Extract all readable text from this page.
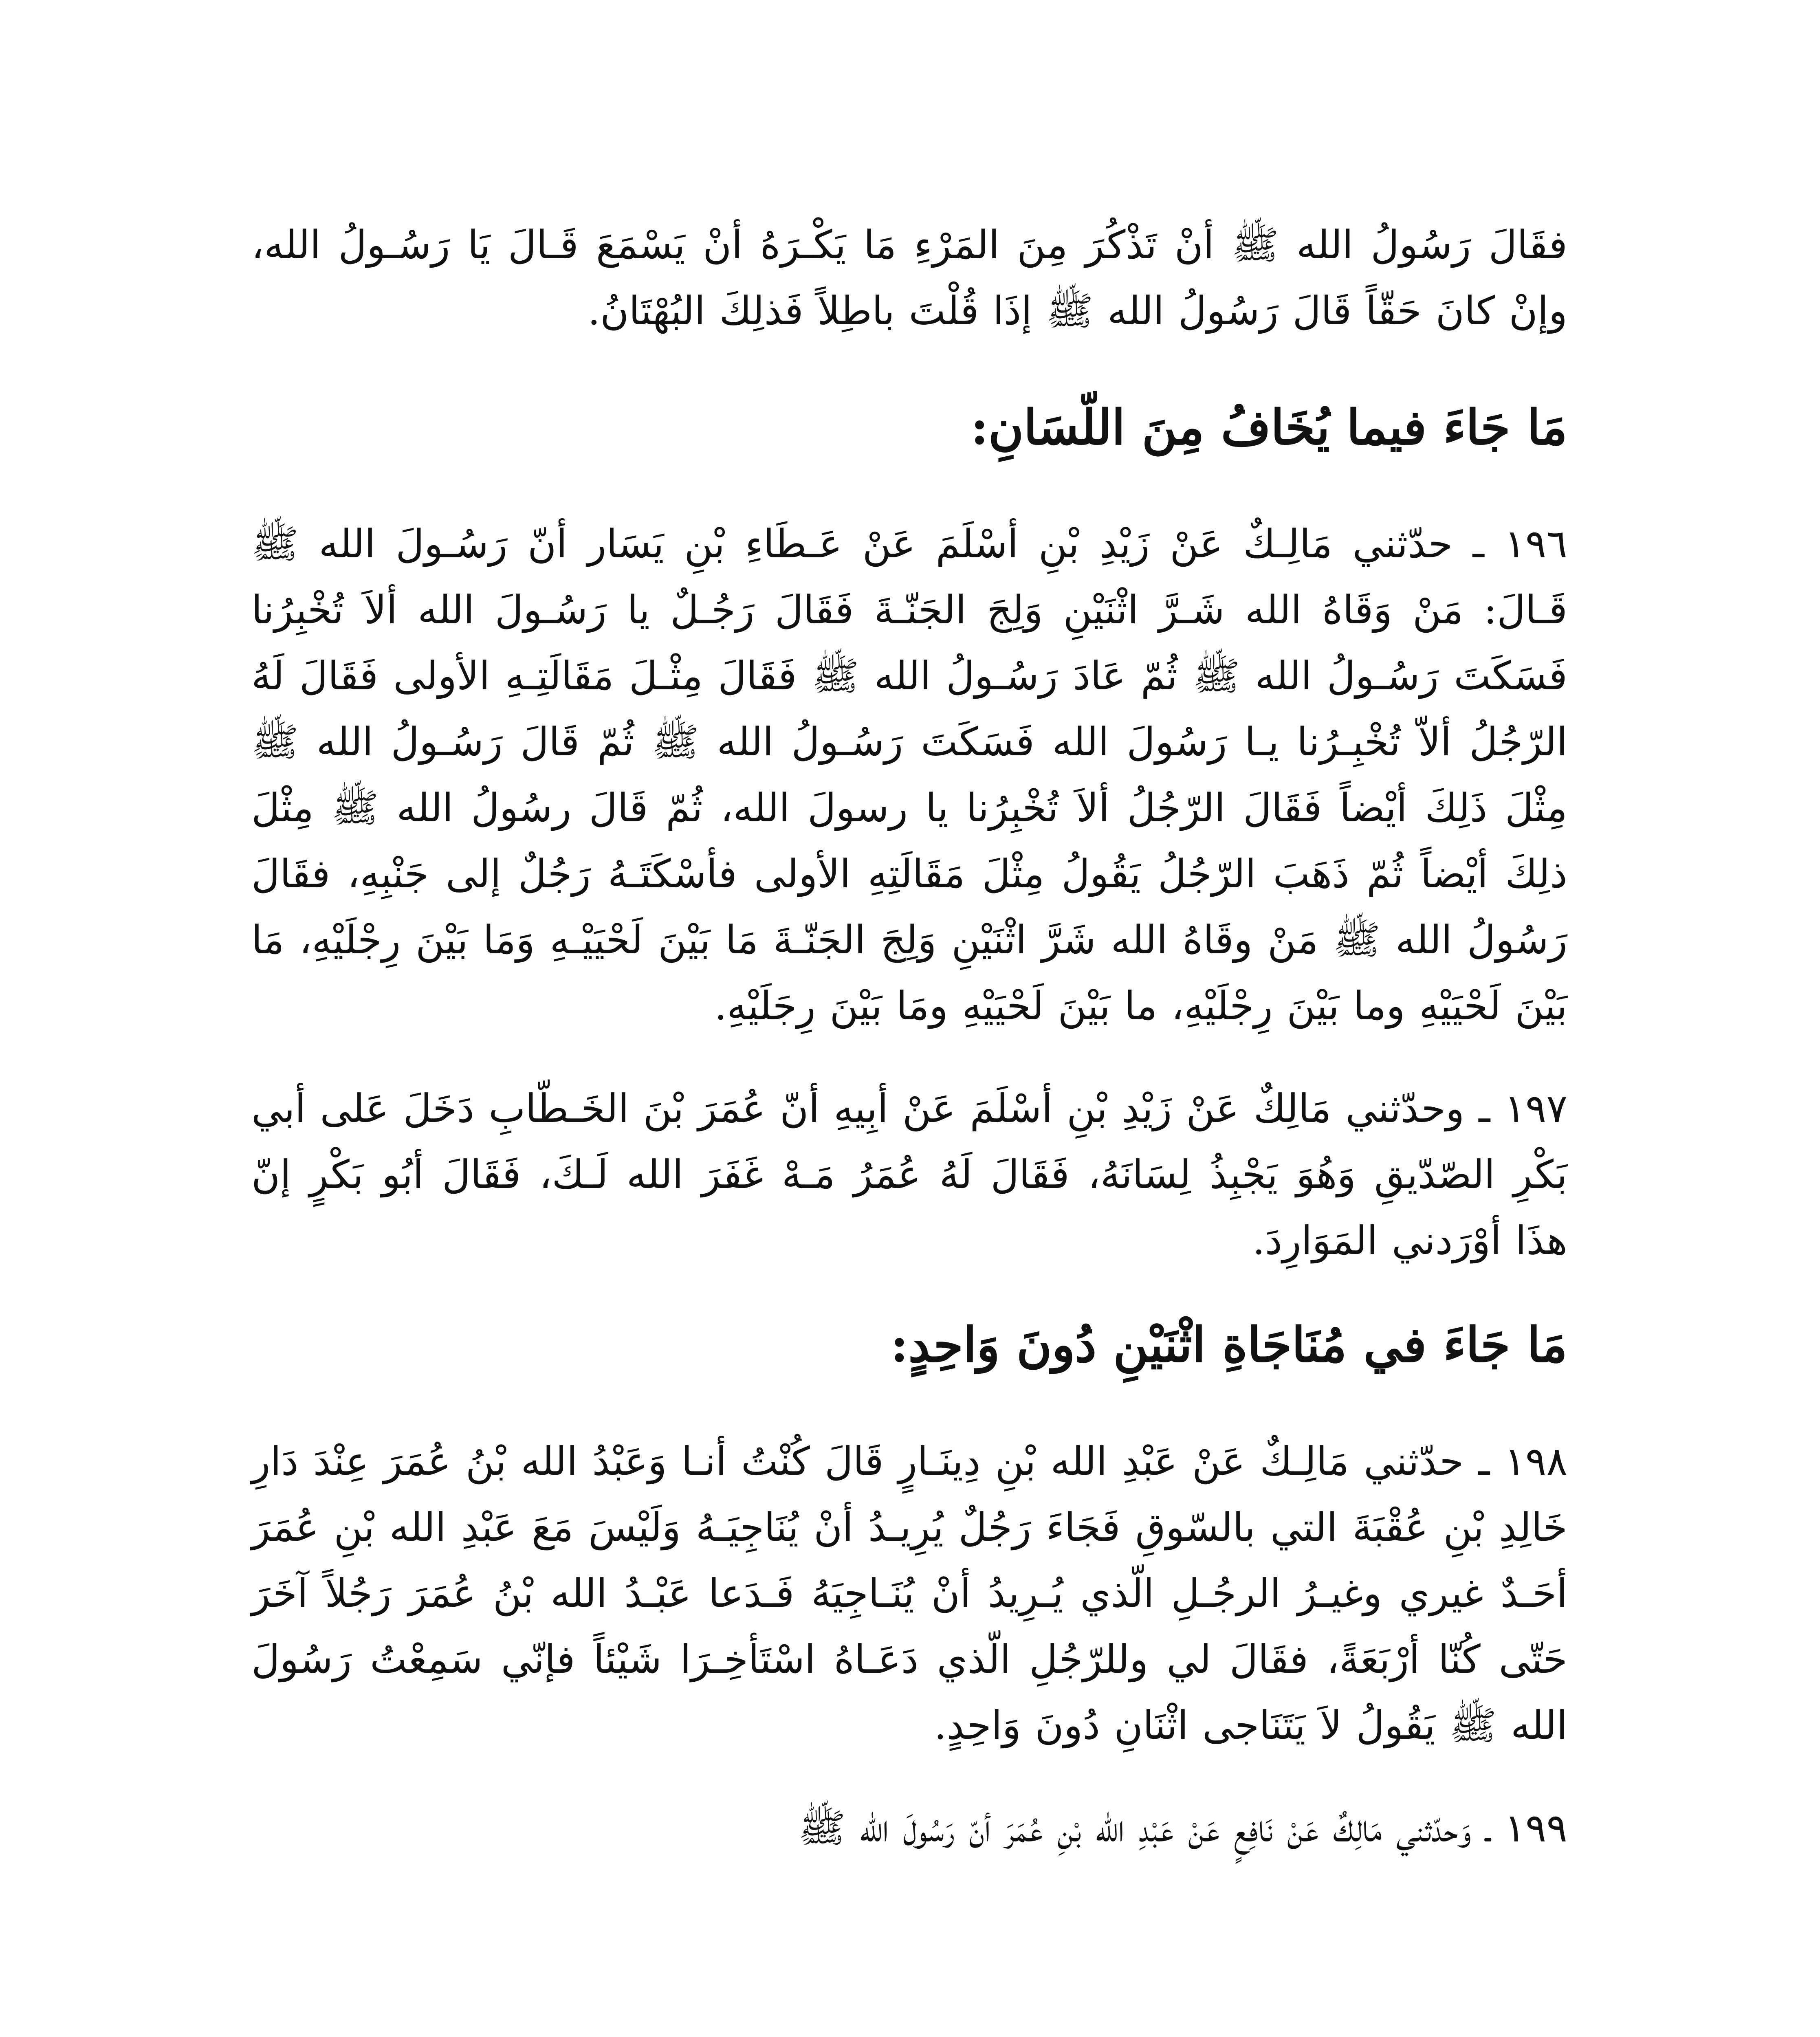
فقَالَ رَسُولُ الله ﷺ أنْ تَذْكُرَ مِنَ المَرْءِ مَا يَكْـرَهُ أنْ يَسْمَعَ قَـالَ يَا رَسُـولُ الله، وإنْ كانَ حَقّاً قَالَ رَسُولُ الله ﷺ إذَا قُلْتَ باطِلاً فَذلِكَ البُهْتَانُ.

مَا جَاءَ فيما يُخَافُ مِنَ اللّسَانِ:

١٩٦ ـ حدّثني مَالِـكٌ عَنْ زَيْدِ بْنِ أسْلَمَ عَنْ عَـطَاءِ بْنِ يَسَار أنّ رَسُـولَ الله ﷺ قَـالَ: مَنْ وَقَاهُ الله شَـرَّ اثْنَيْنِ وَلِجَ الجَنّـةَ فَقَالَ رَجُـلٌ يا رَسُـولَ الله ألاَ تُخْبِرُنا فَسَكَتَ رَسُـولُ الله ﷺ ثُمّ عَادَ رَسُـولُ الله ﷺ فَقَالَ مِثْـلَ مَقَالَتِـهِ الأولى فَقَالَ لَهُ الرّجُلُ ألاّ تُخْبِـرُنا يـا رَسُولَ الله فَسَكَتَ رَسُـولُ الله ﷺ ثُمّ قَالَ رَسُـولُ الله ﷺ مِثْلَ ذَلِكَ أيْضاً فَقَالَ الرّجُلُ ألاَ تُخْبِرُنا يا رسولَ الله، ثُمّ قَالَ رسُولُ الله ﷺ مِثْلَ ذلِكَ أيْضاً ثُمّ ذَهَبَ الرّجُلُ يَقُولُ مِثْلَ مَقَالَتِهِ الأولى فأسْكَتَـهُ رَجُلٌ إلى جَنْبِهِ، فقَالَ رَسُولُ الله ﷺ مَنْ وقَاهُ الله شَرَّ اثْنَيْنِ وَلِجَ الجَنّـةَ مَا بَيْنَ لَحْيَيْـهِ وَمَا بَيْنَ رِجْلَيْهِ، مَا بَيْنَ لَحْيَيْهِ وما بَيْنَ رِجْلَيْهِ، ما بَيْنَ لَحْيَيْهِ ومَا بَيْنَ رِجَلَيْهِ.

١٩٧ ـ وحدّثني مَالِكٌ عَنْ زَيْدِ بْنِ أسْلَمَ عَنْ أبِيهِ أنّ عُمَرَ بْنَ الخَـطّابِ دَخَلَ عَلى أبي بَكْرِ الصّدّيقِ وَهُوَ يَجْبِذُ لِسَانَهُ، فَقَالَ لَهُ عُمَرُ مَـهْ غَفَرَ الله لَـكَ، فَقَالَ أبُو بَكْرٍ إنّ هذَا أوْرَدني المَوَارِدَ.

مَا جَاءَ في مُنَاجَاةِ اثْنَيْنِ دُونَ وَاحِدٍ:

١٩٨ ـ حدّثني مَالِـكٌ عَنْ عَبْدِ الله بْنِ دِينَـارٍ قَالَ كُنْتُ أنـا وَعَبْدُ الله بْنُ عُمَرَ عِنْدَ دَارِ خَالِدِ بْنِ عُقْبَةَ التي بالسّوقِ فَجَاءَ رَجُلٌ يُرِيـدُ أنْ يُنَاجِيَـهُ وَلَيْسَ مَعَ عَبْدِ الله بْنِ عُمَرَ أحَـدٌ غيري وغيـرُ الرجُـلِ الّذي يُـرِيدُ أنْ يُنَـاجِيَهُ فَـدَعا عَبْـدُ الله بْنُ عُمَرَ رَجُلاً آخَرَ حَتّى كُنّا أرْبَعَةً، فقَالَ لي وللرّجُلِ الّذي دَعَـاهُ اسْتَأخِـرَا شَيْئاً فإنّي سَمِعْتُ رَسُولَ الله ﷺ يَقُولُ لاَ يَتَنَاجى اثْنَانِ دُونَ وَاحِدٍ.

١٩٩ ـ وَحدّثني مَالِكٌ عَنْ نَافِعٍ عَنْ عَبْدِ الله بْنِ عُمَرَ أنّ رَسُولَ الله ﷺ
